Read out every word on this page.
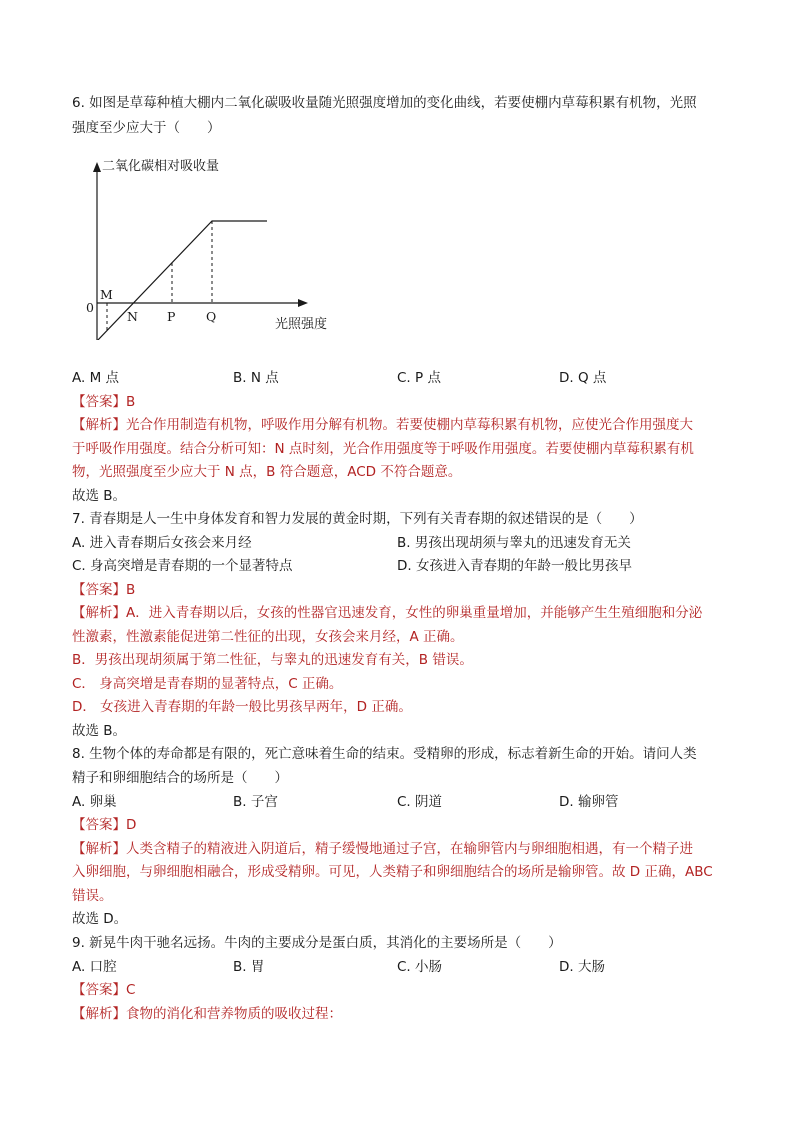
6. 如图是草莓种植大棚内二氧化碳吸收量随光照强度增加的变化曲线，若要使棚内草莓积累有机物，光照
强度至少应大于（　　）
二氧化碳相对吸收量
光照强度
0
M
N P Q
A. M 点	B. N 点	C. P 点	D. Q 点
【答案】B
【解析】光合作用制造有机物，呼吸作用分解有机物。若要使棚内草莓积累有机物，应使光合作用强度大
于呼吸作用强度。结合分析可知：N 点时刻，光合作用强度等于呼吸作用强度。若要使棚内草莓积累有机
物，光照强度至少应大于 N 点，B 符合题意，ACD 不符合题意。
故选 B。
7. 青春期是人一生中身体发育和智力发展的黄金时期，下列有关青春期的叙述错误的是（　　）
A. 进入青春期后女孩会来月经	B. 男孩出现胡须与睾丸的迅速发育无关
C. 身高突增是青春期的一个显著特点	D. 女孩进入青春期的年龄一般比男孩早
【答案】B
【解析】A．进入青春期以后，女孩的性器官迅速发育，女性的卵巢重量增加，并能够产生生殖细胞和分泌
性激素，性激素能促进第二性征的出现，女孩会来月经，A 正确。
B．男孩出现胡须属于第二性征，与睾丸的迅速发育有关，B 错误。
C． 身高突增是青春期的显著特点，C 正确。
D． 女孩进入青春期的年龄一般比男孩早两年，D 正确。
故选 B。
8. 生物个体的寿命都是有限的，死亡意味着生命的结束。受精卵的形成，标志着新生命的开始。请问人类
精子和卵细胞结合的场所是（　　）
A. 卵巢	B. 子宫	C. 阴道	D. 输卵管
【答案】D
【解析】人类含精子的精液进入阴道后，精子缓慢地通过子宫，在输卵管内与卵细胞相遇，有一个精子进
入卵细胞，与卵细胞相融合，形成受精卵。可见，人类精子和卵细胞结合的场所是输卵管。故 D 正确，ABC
错误。
故选 D。
9. 新晃牛肉干驰名远扬。牛肉的主要成分是蛋白质，其消化的主要场所是（　　）
A. 口腔	B. 胃	C. 小肠	D. 大肠
【答案】C
【解析】食物的消化和营养物质的吸收过程：
